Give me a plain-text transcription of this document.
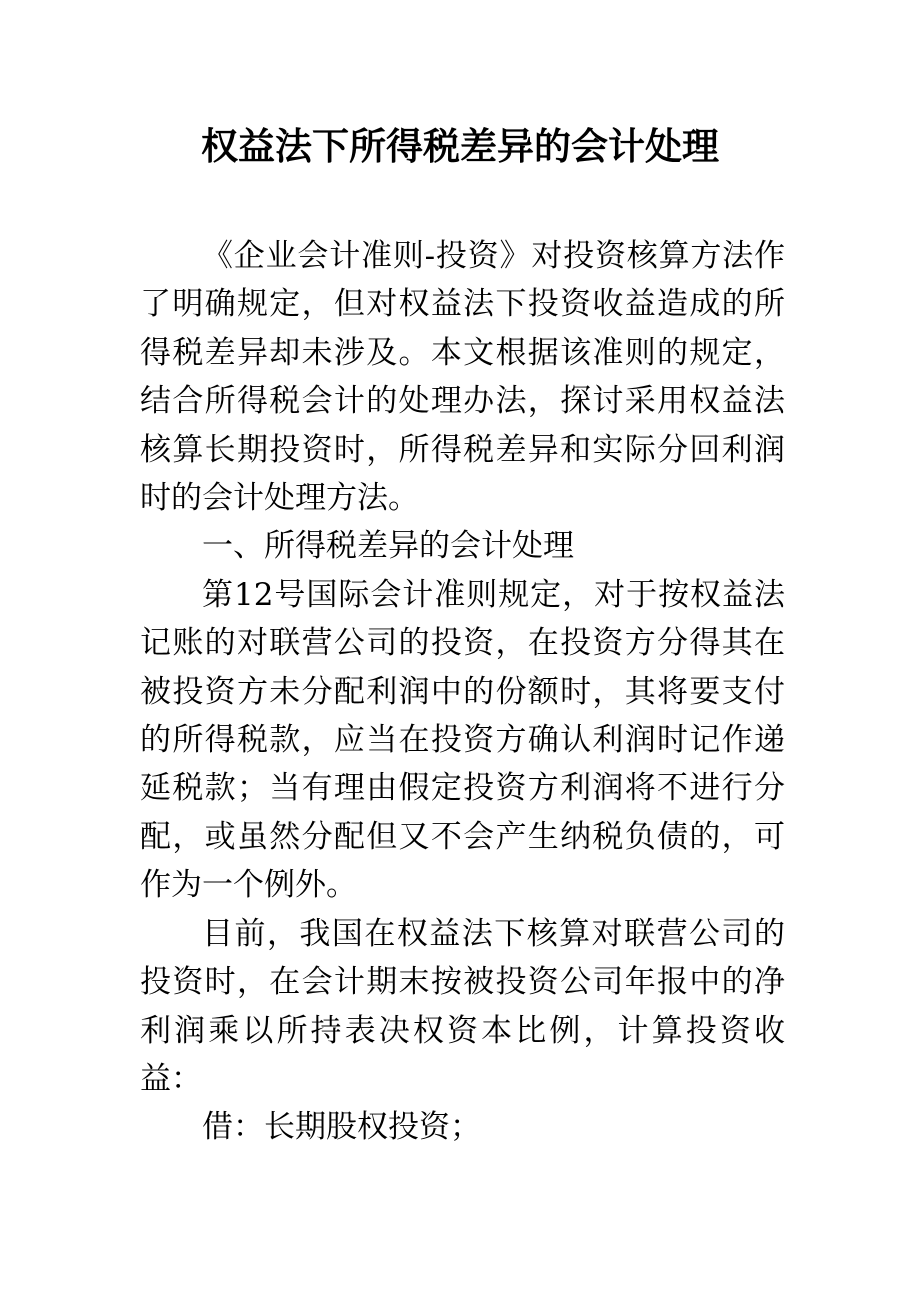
权益法下所得税差异的会计处理

《企业会计准则-投资》对投资核算方法作了明确规定，但对权益法下投资收益造成的所得税差异却未涉及。本文根据该准则的规定，结合所得税会计的处理办法，探讨采用权益法核算长期投资时，所得税差异和实际分回利润时的会计处理方法。

一、所得税差异的会计处理

第12号国际会计准则规定，对于按权益法记账的对联营公司的投资，在投资方分得其在被投资方未分配利润中的份额时，其将要支付的所得税款，应当在投资方确认利润时记作递延税款；当有理由假定投资方利润将不进行分配，或虽然分配但又不会产生纳税负债的，可作为一个例外。

目前，我国在权益法下核算对联营公司的投资时，在会计期末按被投资公司年报中的净利润乘以所持表决权资本比例，计算投资收益：

借：长期股权投资；
